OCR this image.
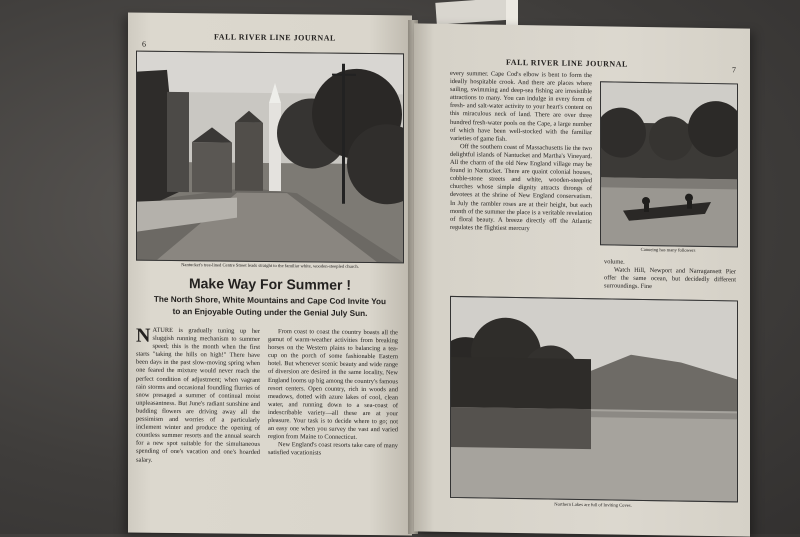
6
FALL RIVER LINE JOURNAL
Nantucket's tree-lined Centre Street leads straight to the familiar white, wooden-steepled church.
Make Way For Summer !
The North Shore, White Mountains and Cape Cod Invite You
to an Enjoyable Outing under the Genial July Sun.
NATURE is gradually tuning up her sluggish running mechanism to summer speed; this is the month when the first starts "taking the hills on high!" There have been days in the past slow-moving spring when one feared the mixture would never reach the perfect condition of adjustment; when vagrant rain storms and occasional foundling flurries of snow presaged a summer of continual moist unpleasantness. But June's radiant sunshine and budding flowers are driving away all the pessimism and worries of a particularly inclement winter and produce the opening of countless summer resorts and the annual search for a new spot suitable for the simultaneous spending of one's vacation and one's hoarded salary.
From coast to coast the country boasts all the gamut of warm-weather activities from breaking horses on the Western plains to balancing a tea-cup on the porch of some fashionable Eastern hotel. But whenever scenic beauty and wide range of diversion are desired in the same locality, New England looms up big among the country's famous resort centers. Open country, rich in woods and meadows, dotted with azure lakes of cool, clean water, and running down to a sea-coast of indescribable variety—all these are at your pleasure. Your task is to decide where to go; not an easy one when you survey the vast and varied region from Maine to Connecticut.
New England's coast resorts take care of many satisfied vacationists
FALL RIVER LINE JOURNAL
7
every summer. Cape Cod's elbow is bent to form the ideally hospitable crook. And there are places where sailing, swimming and deep-sea fishing are irresistible attractions to many. You can indulge in every form of fresh- and salt-water activity to your heart's content on this miraculous neck of land. There are over three hundred fresh-water pools on the Cape, a large number of which have been well-stocked with the familiar varieties of game fish.
Off the southern coast of Massachusetts lie the two delightful islands of Nantucket and Martha's Vineyard. All the charm of the old New England village may be found in Nantucket. There are quaint colonial houses, cobble-stone streets and white, wooden-steepled churches whose simple dignity attracts throngs of devotees at the shrine of New England conservatism. In July the rambler roses are at their height, but each month of the summer the place is a veritable revelation of floral beauty. A breeze directly off the Atlantic regulates the flightiest mercury
Canoeing has many followers
volume.
Watch Hill, Newport and Narragansett Pier offer the same ocean, but decidedly different surroundings. Fine
Northern Lakes are full of Inviting Coves.
